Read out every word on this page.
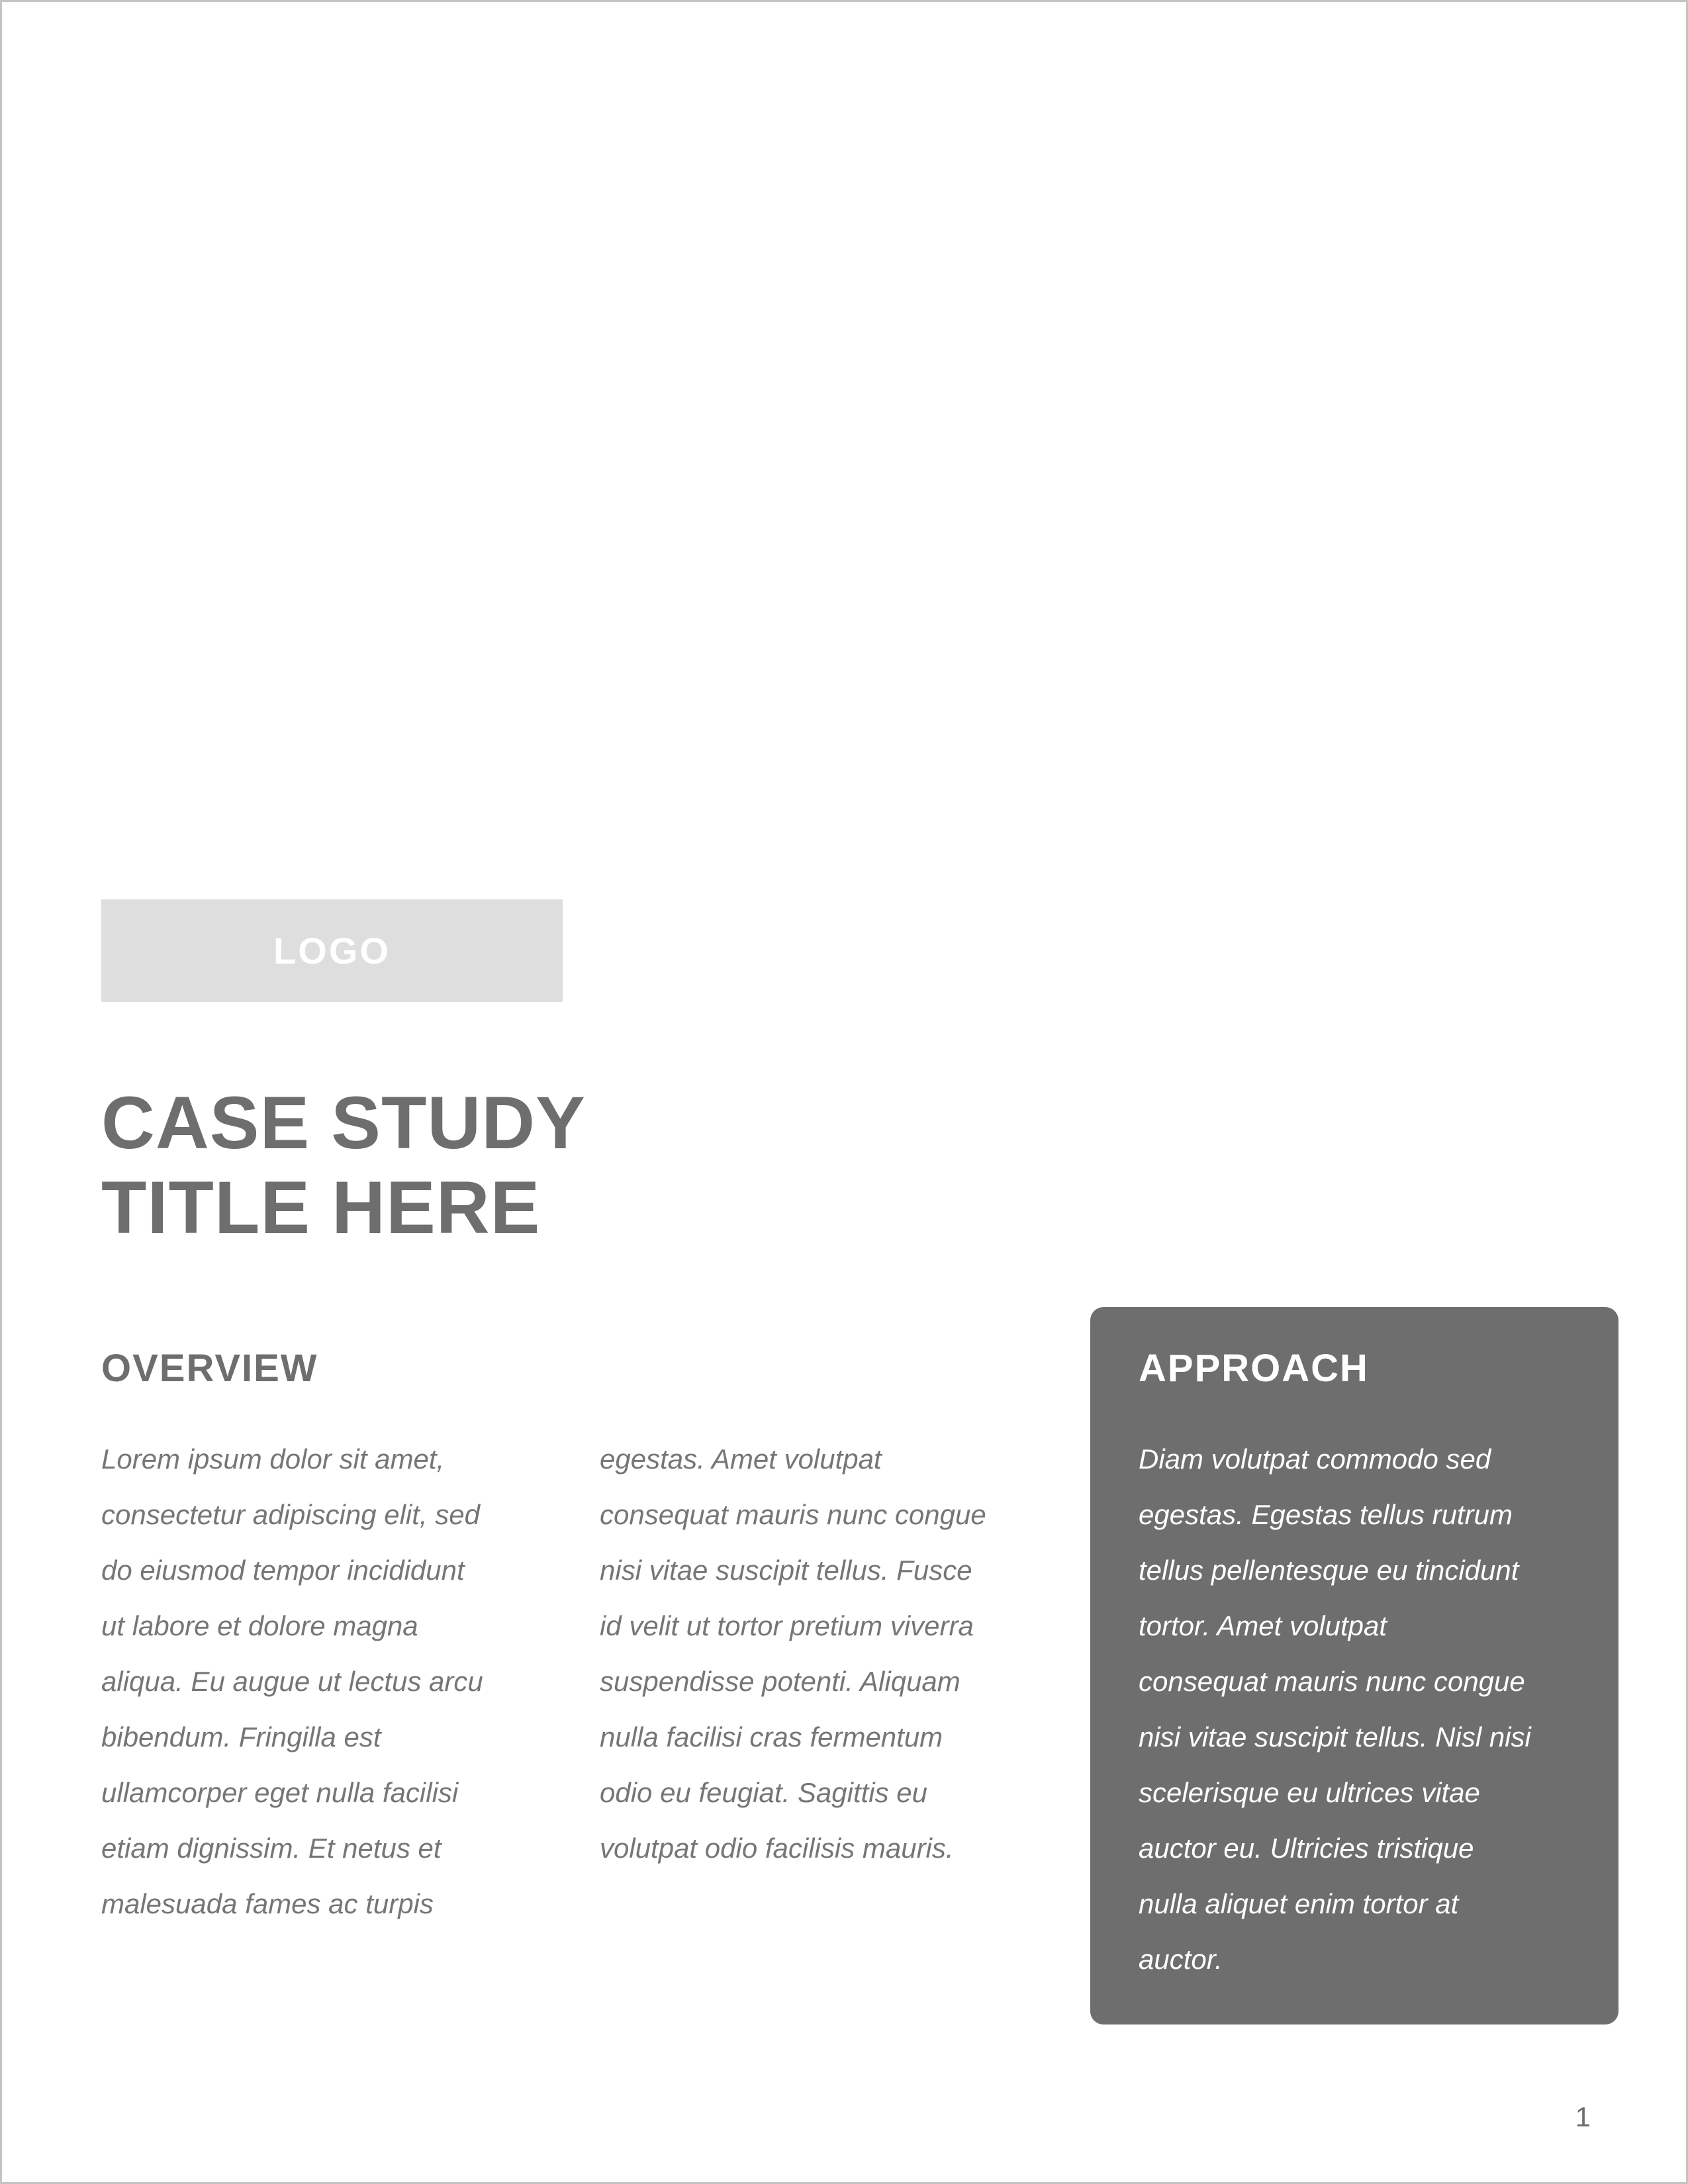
LOGO
CASE STUDY
TITLE HERE
OVERVIEW

Lorem ipsum dolor sit amet,
consectetur adipiscing elit, sed
do eiusmod tempor incididunt
ut labore et dolore magna
aliqua. Eu augue ut lectus arcu
bibendum. Fringilla est
ullamcorper eget nulla facilisi
etiam dignissim. Et netus et
malesuada fames ac turpis

egestas. Amet volutpat
consequat mauris nunc congue
nisi vitae suscipit tellus. Fusce
id velit ut tortor pretium viverra
suspendisse potenti. Aliquam
nulla facilisi cras fermentum
odio eu feugiat. Sagittis eu
volutpat odio facilisis mauris.

APPROACH

Diam volutpat commodo sed
egestas. Egestas tellus rutrum
tellus pellentesque eu tincidunt
tortor. Amet volutpat
consequat mauris nunc congue
nisi vitae suscipit tellus. Nisl nisi
scelerisque eu ultrices vitae
auctor eu. Ultricies tristique
nulla aliquet enim tortor at
auctor.

1
